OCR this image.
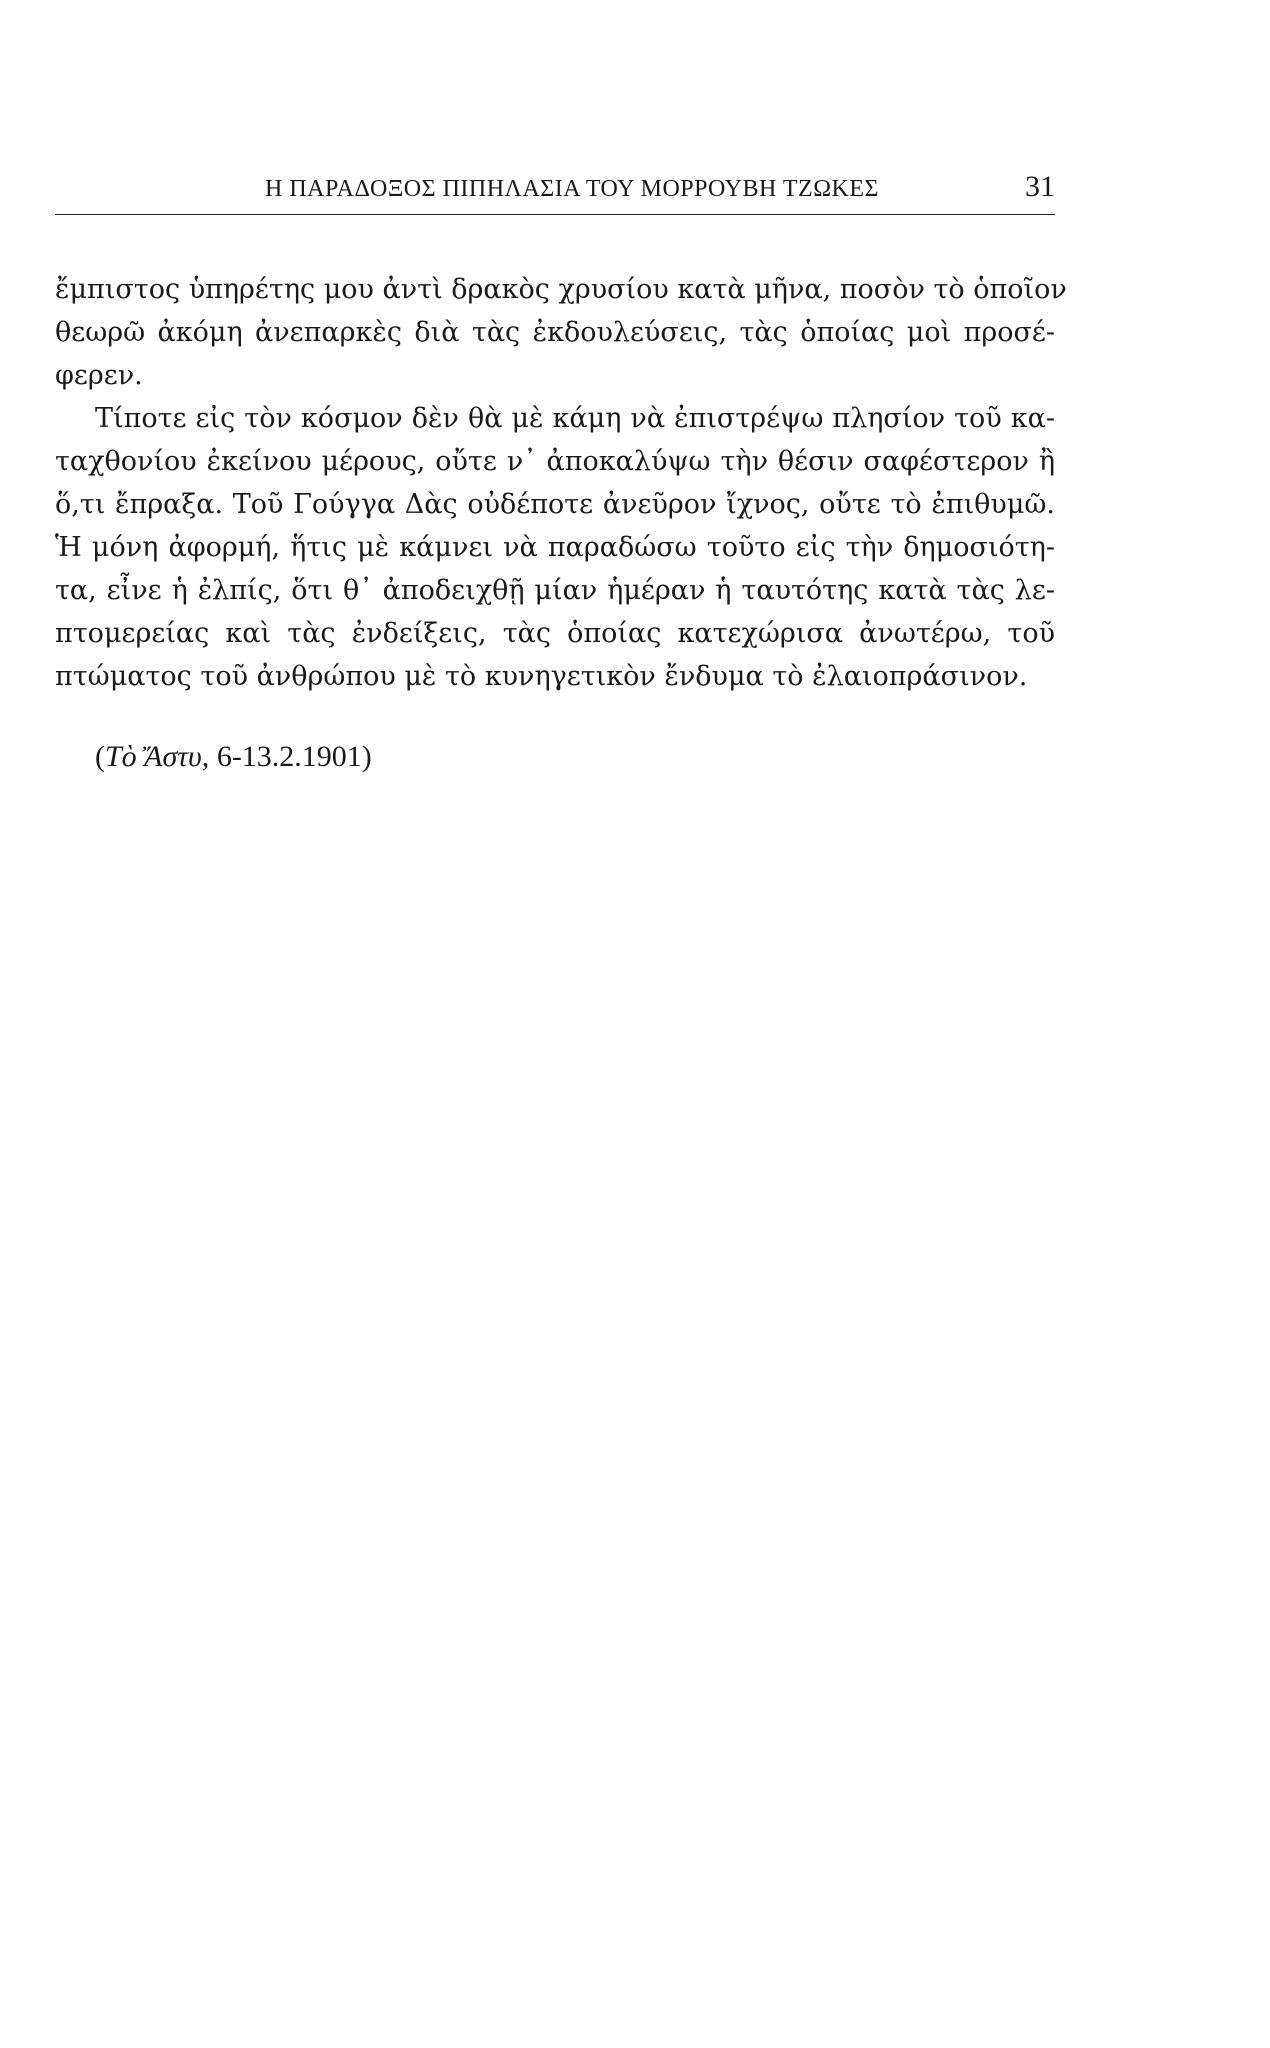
Η ΠΑΡΑΔΟΞΟΣ ΠΙΠΗΛΑΣΙΑ ΤΟΥ ΜΟΡΡΟΥΒΗ ΤΖΩΚΕΣ	31
ἔμπιστος ὑπηρέτης μου ἀντὶ δρακὸς χρυσίου κατὰ μῆνα, ποσὸν τὸ ὁποῖον
θεωρῶ ἀκόμη ἀνεπαρκὲς διὰ τὰς ἐκδουλεύσεις, τὰς ὁποίας μοὶ προσέ-
φερεν.
Τίποτε εἰς τὸν κόσμον δὲν θὰ μὲ κάμη νὰ ἐπιστρέψω πλησίον τοῦ κα-
ταχθονίου ἐκείνου μέρους, οὔτε ν᾿ ἀποκαλύψω τὴν θέσιν σαφέστερον ἢ
ὅ,τι ἔπραξα. Τοῦ Γούγγα Δὰς οὐδέποτε ἀνεῦρον ἴχνος, οὔτε τὸ ἐπιθυμῶ.
Ἡ μόνη ἀφορμή, ἥτις μὲ κάμνει νὰ παραδώσω τοῦτο εἰς τὴν δημοσιότη-
τα, εἶνε ἡ ἐλπίς, ὅτι θ᾿ ἀποδειχθῇ μίαν ἡμέραν ἡ ταυτότης κατὰ τὰς λε-
πτομερείας καὶ τὰς ἐνδείξεις, τὰς ὁποίας κατεχώρισα ἀνωτέρω, τοῦ
πτώματος τοῦ ἀνθρώπου μὲ τὸ κυνηγετικὸν ἔνδυμα τὸ ἐλαιοπράσινον.
(Τὸ Ἄστυ, 6-13.2.1901)
